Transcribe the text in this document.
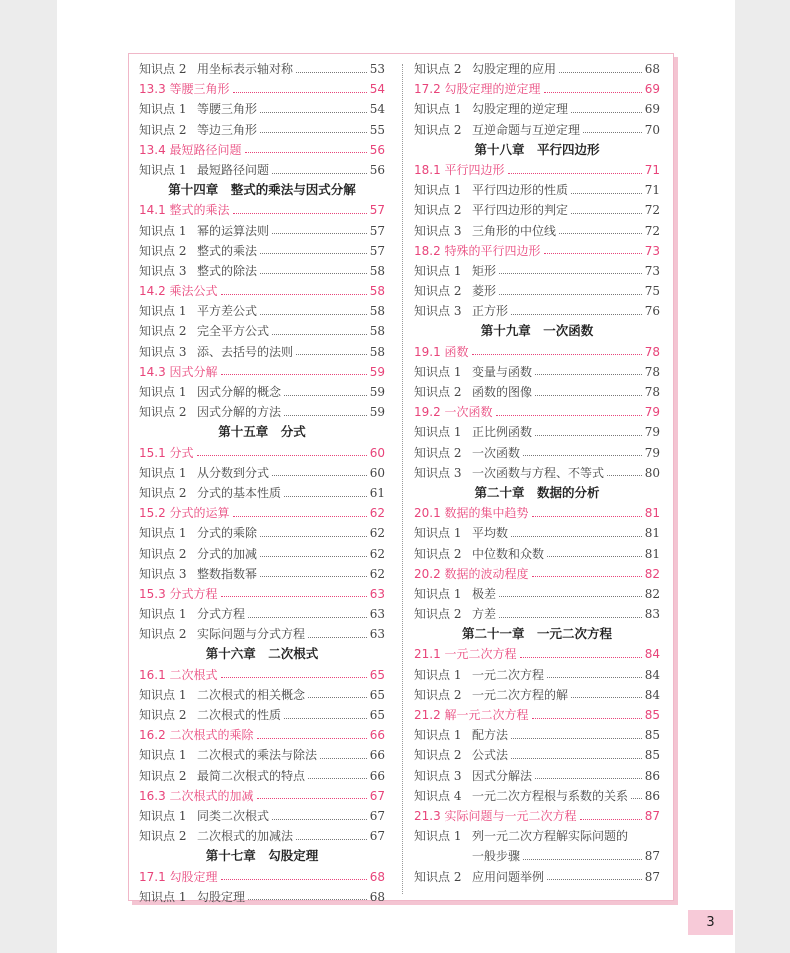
知识点 2 用坐标表示轴对称	53
13.3 等腰三角形	54
知识点 1 等腰三角形	54
知识点 2 等边三角形	55
13.4 最短路径问题	56
知识点 1 最短路径问题	56
第十四章　整式的乘法与因式分解
14.1 整式的乘法	57
知识点 1 幂的运算法则	57
知识点 2 整式的乘法	57
知识点 3 整式的除法	58
14.2 乘法公式	58
知识点 1 平方差公式	58
知识点 2 完全平方公式	58
知识点 3 添、去括号的法则	58
14.3 因式分解	59
知识点 1 因式分解的概念	59
知识点 2 因式分解的方法	59
第十五章　分式
15.1 分式	60
知识点 1 从分数到分式	60
知识点 2 分式的基本性质	61
15.2 分式的运算	62
知识点 1 分式的乘除	62
知识点 2 分式的加减	62
知识点 3 整数指数幂	62
15.3 分式方程	63
知识点 1 分式方程	63
知识点 2 实际问题与分式方程	63
第十六章　二次根式
16.1 二次根式	65
知识点 1 二次根式的相关概念	65
知识点 2 二次根式的性质	65
16.2 二次根式的乘除	66
知识点 1 二次根式的乘法与除法	66
知识点 2 最简二次根式的特点	66
16.3 二次根式的加减	67
知识点 1 同类二次根式	67
知识点 2 二次根式的加减法	67
第十七章　勾股定理
17.1 勾股定理	68
知识点 1 勾股定理	68
知识点 2 勾股定理的应用	68
17.2 勾股定理的逆定理	69
知识点 1 勾股定理的逆定理	69
知识点 2 互逆命题与互逆定理	70
第十八章　平行四边形
18.1 平行四边形	71
知识点 1 平行四边形的性质	71
知识点 2 平行四边形的判定	72
知识点 3 三角形的中位线	72
18.2 特殊的平行四边形	73
知识点 1 矩形	73
知识点 2 菱形	75
知识点 3 正方形	76
第十九章　一次函数
19.1 函数	78
知识点 1 变量与函数	78
知识点 2 函数的图像	78
19.2 一次函数	79
知识点 1 正比例函数	79
知识点 2 一次函数	79
知识点 3 一次函数与方程、不等式	80
第二十章　数据的分析
20.1 数据的集中趋势	81
知识点 1 平均数	81
知识点 2 中位数和众数	81
20.2 数据的波动程度	82
知识点 1 极差	82
知识点 2 方差	83
第二十一章　一元二次方程
21.1 一元二次方程	84
知识点 1 一元二次方程	84
知识点 2 一元二次方程的解	84
21.2 解一元二次方程	85
知识点 1 配方法	85
知识点 2 公式法	85
知识点 3 因式分解法	86
知识点 4 一元二次方程根与系数的关系 86
21.3 实际问题与一元二次方程	87
知识点 1 列一元二次方程解实际问题的
一般步骤	87
知识点 2 应用问题举例	87
3
